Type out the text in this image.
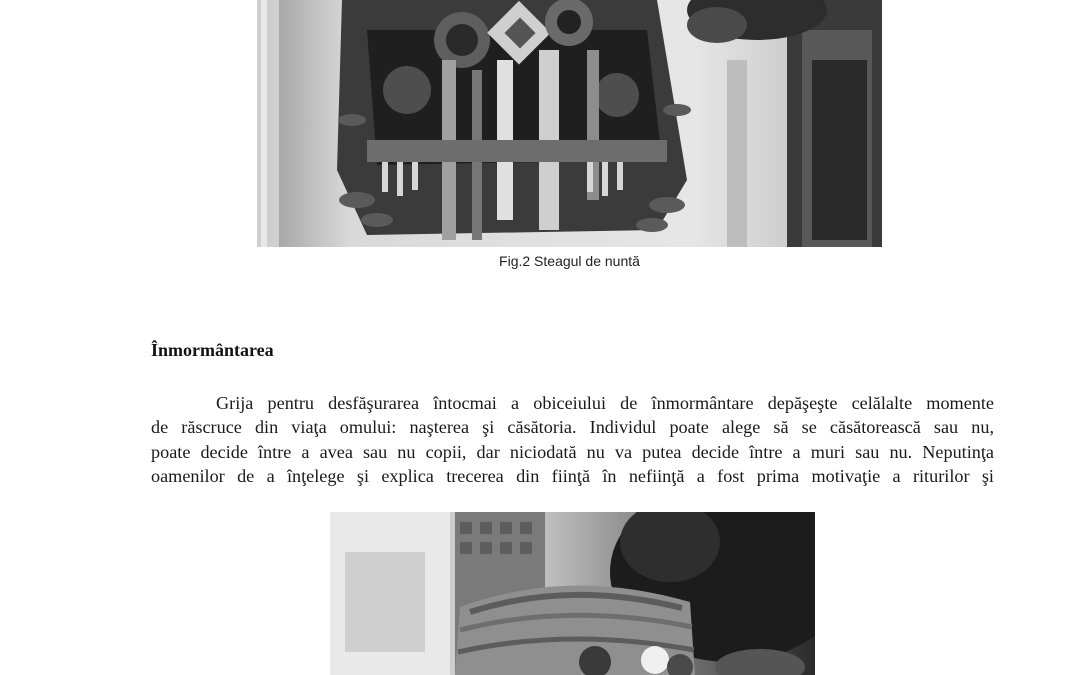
Fig.2 Steagul de nuntă
Înmormântarea

Grija pentru desfăşurarea întocmai a obiceiului de înmormântare depăşeşte celălalte momente
de răscruce din viaţa omului: naşterea şi căsătoria. Individul poate alege să se căsătorească sau nu,
poate decide între a avea sau nu copii, dar niciodată nu va putea decide între a muri sau nu. Neputinţa
oamenilor de a înţelege şi explica trecerea din fiinţă în nefiinţă a fost prima motivaţie a riturilor şi
